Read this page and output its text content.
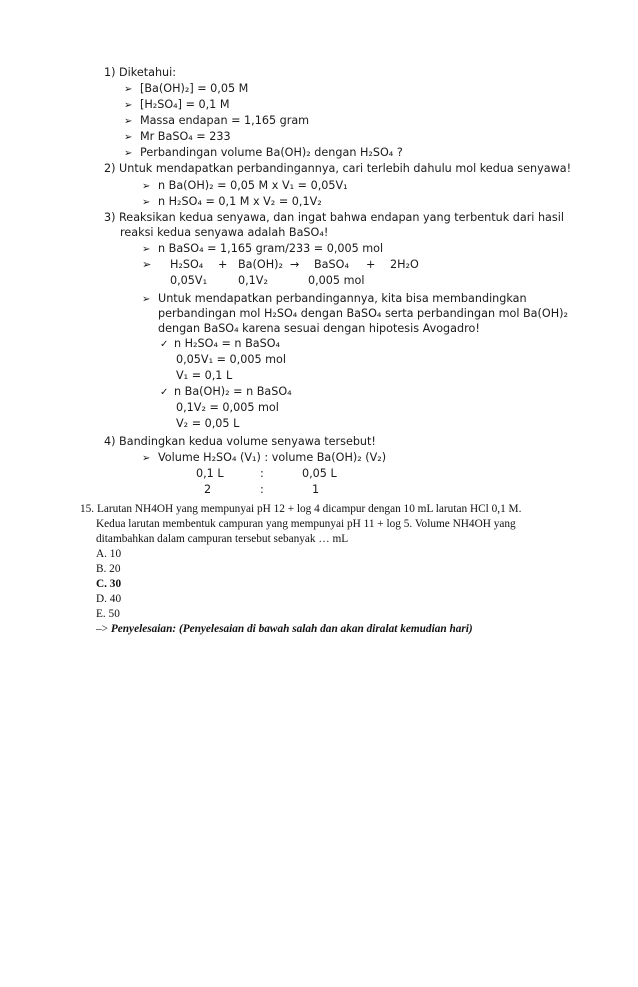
1) Diketahui:
➢ [Ba(OH)₂] = 0,05 M
➢ [H₂SO₄] = 0,1 M
➢ Massa endapan = 1,165 gram
➢ Mr BaSO₄ = 233
➢ Perbandingan volume Ba(OH)₂ dengan H₂SO₄ ?
2) Untuk mendapatkan perbandingannya, cari terlebih dahulu mol kedua senyawa!
➢ n Ba(OH)₂ = 0,05 M x V₁ = 0,05V₁
➢ n H₂SO₄ = 0,1 M x V₂ = 0,1V₂
3) Reaksikan kedua senyawa, dan ingat bahwa endapan yang terbentuk dari hasil
reaksi kedua senyawa adalah BaSO₄!
➢ n BaSO₄ = 1,165 gram/233 = 0,005 mol
➢ H₂SO₄ + Ba(OH)₂ → BaSO₄ + 2H₂O
0,05V₁	0,1V₂	0,005 mol
➢ Untuk mendapatkan perbandingannya, kita bisa membandingkan
perbandingan mol H₂SO₄ dengan BaSO₄ serta perbandingan mol Ba(OH)₂
dengan BaSO₄ karena sesuai dengan hipotesis Avogadro!
✓ n H₂SO₄ = n BaSO₄
0,05V₁ = 0,005 mol
V₁ = 0,1 L
✓ n Ba(OH)₂ = n BaSO₄
0,1V₂ = 0,005 mol
V₂ = 0,05 L
4) Bandingkan kedua volume senyawa tersebut!
➢ Volume H₂SO₄ (V₁) : volume Ba(OH)₂ (V₂)
0,1 L	:	0,05 L
2	:	1
15. Larutan NH4OH yang mempunyai pH 12 + log 4 dicampur dengan 10 mL larutan HCl 0,1 M.
Kedua larutan membentuk campuran yang mempunyai pH 11 + log 5. Volume NH4OH yang
ditambahkan dalam campuran tersebut sebanyak … mL
A. 10
B. 20
C. 30
D. 40
E. 50
–> Penyelesaian: (Penyelesaian di bawah salah dan akan diralat kemudian hari)
